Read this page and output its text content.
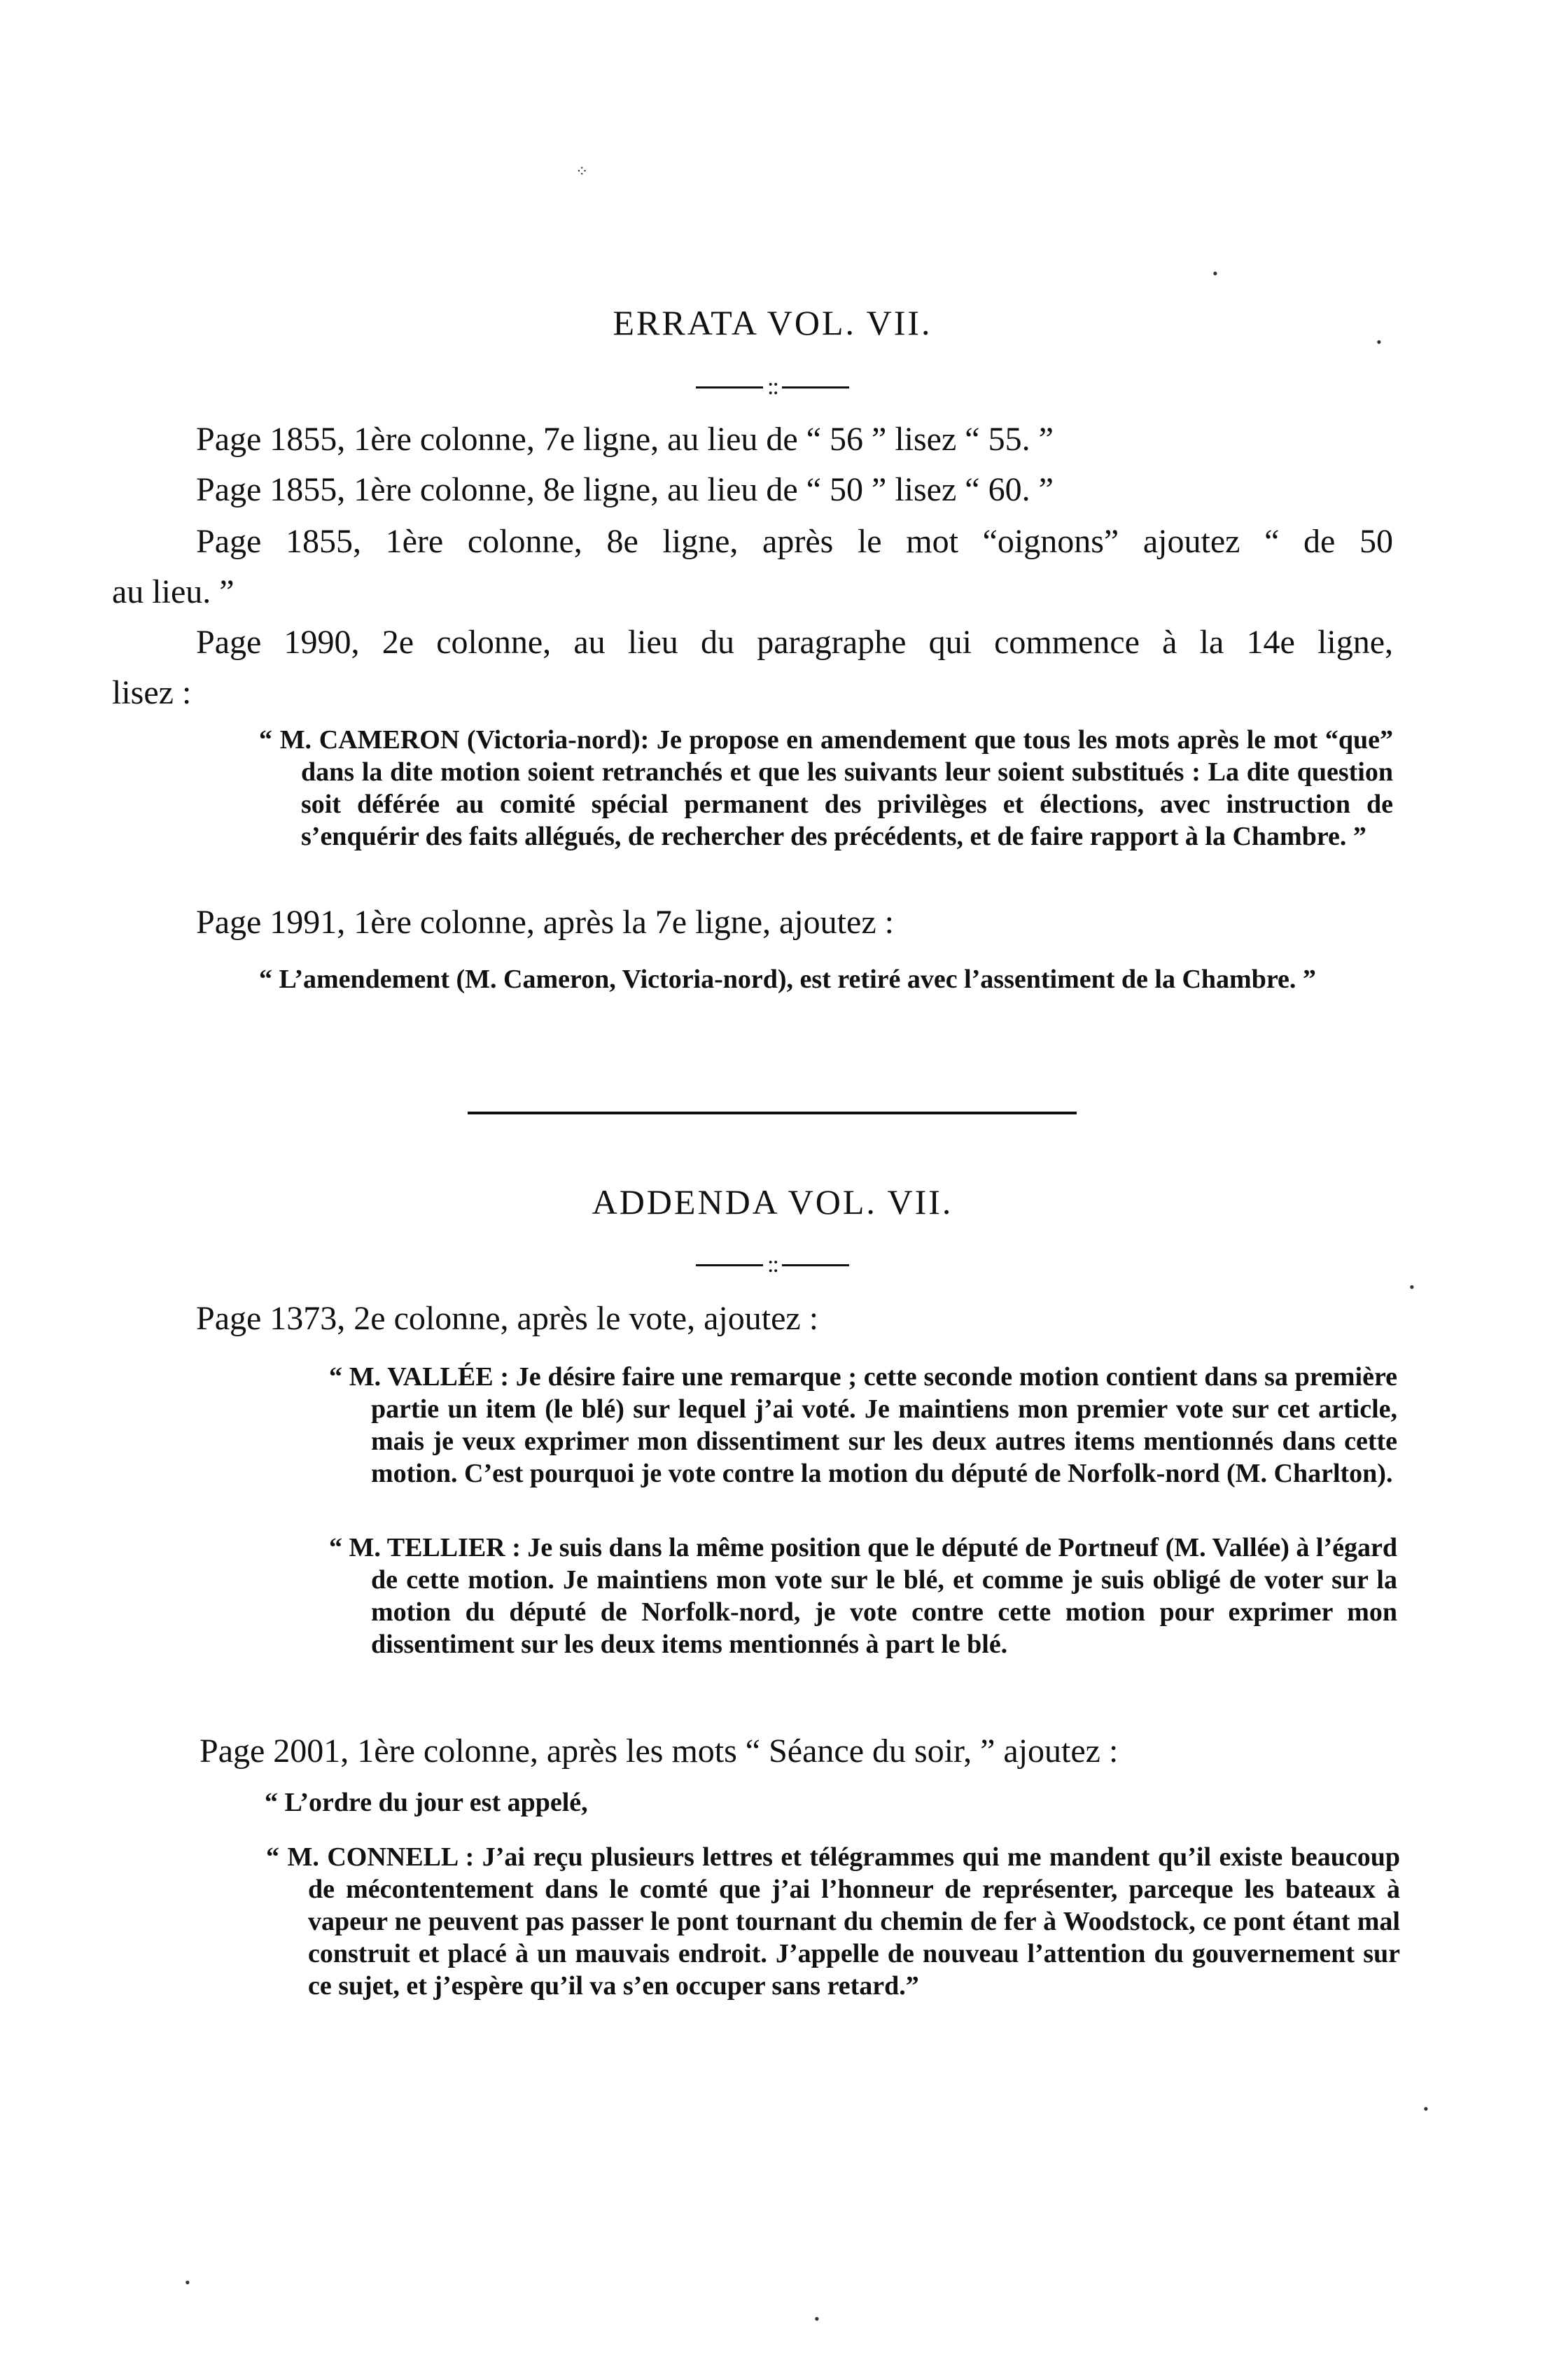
⁘
•
•
•
•
•
•
ERRATA VOL. VII.
::
Page 1855, 1ère colonne, 7e ligne, au lieu de “ 56 ” lisez “ 55. ”
Page 1855, 1ère colonne, 8e ligne, au lieu de “ 50 ” lisez “ 60. ”
Page 1855, 1ère colonne, 8e ligne, après le mot “oignons” ajoutez “ de 50
au lieu. ”
Page 1990, 2e colonne, au lieu du paragraphe qui commence à la 14e ligne,
lisez :
“ M. CAMERON (Victoria-nord): Je propose en amendement que tous les mots après le mot “que” dans la dite motion soient retranchés et que les suivants leur soient substitués : La dite question soit déférée au comité spécial permanent des privilèges et élections, avec instruction de s’enquérir des faits allégués, de rechercher des précédents, et de faire rapport à la Chambre. ”
Page 1991, 1ère colonne, après la 7e ligne, ajoutez :
“ L’amendement (M. Cameron, Victoria-nord), est retiré avec l’assentiment de la Chambre. ”
ADDENDA VOL. VII.
::
Page 1373, 2e colonne, après le vote, ajoutez :
“ M. VALLÉE : Je désire faire une remarque ; cette seconde motion contient dans sa première partie un item (le blé) sur lequel j’ai voté. Je maintiens mon premier vote sur cet article, mais je veux exprimer mon dissentiment sur les deux autres items mentionnés dans cette motion. C’est pourquoi je vote contre la motion du député de Norfolk-nord (M. Charlton).
“ M. TELLIER : Je suis dans la même position que le député de Portneuf (M. Vallée) à l’égard de cette motion. Je maintiens mon vote sur le blé, et comme je suis obligé de voter sur la motion du député de Norfolk-nord, je vote contre cette motion pour exprimer mon dissentiment sur les deux items mentionnés à part le blé.
Page 2001, 1ère colonne, après les mots “ Séance du soir, ” ajoutez :
“ L’ordre du jour est appelé,
“ M. CONNELL : J’ai reçu plusieurs lettres et télégrammes qui me mandent qu’il existe beaucoup de mécontentement dans le comté que j’ai l’honneur de représenter, parceque les bateaux à vapeur ne peuvent pas passer le pont tournant du chemin de fer à Woodstock, ce pont étant mal construit et placé à un mauvais endroit. J’appelle de nouveau l’attention du gouvernement sur ce sujet, et j’espère qu’il va s’en occuper sans retard.”
